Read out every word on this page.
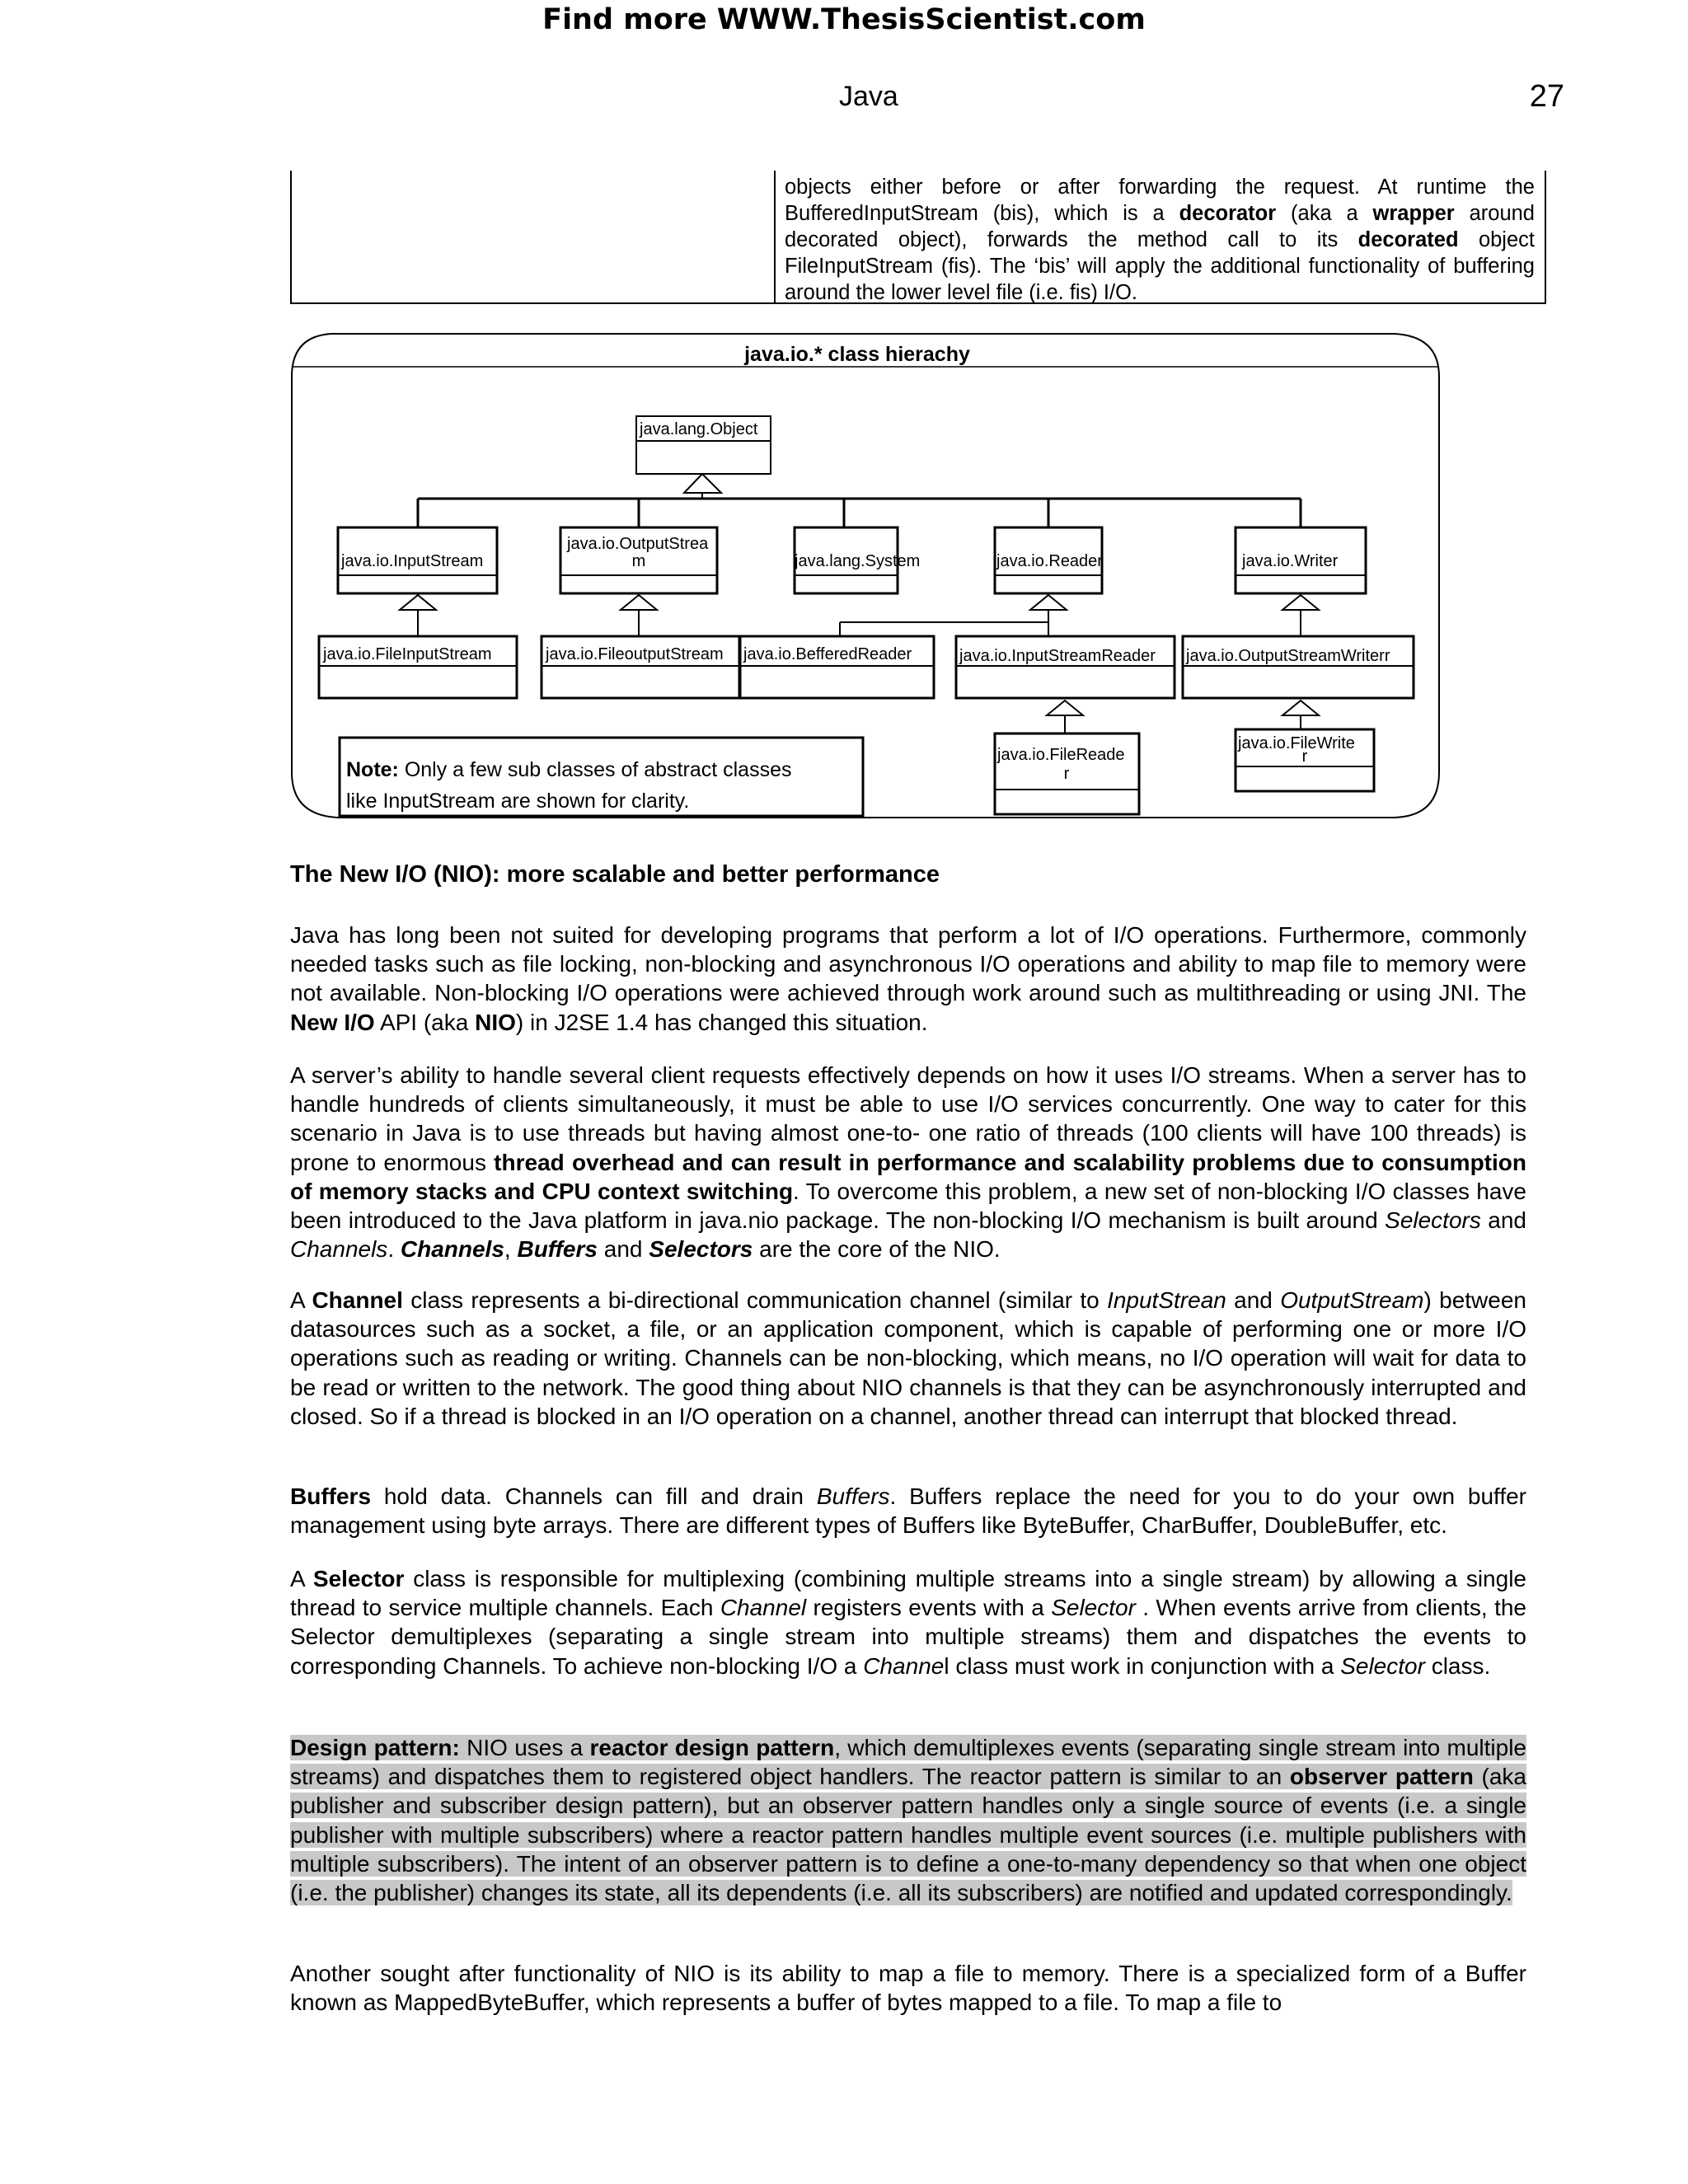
Find more WWW.ThesisScientist.com
Java	27
objects either before or after forwarding the request. At runtime the BufferedInputStream (bis), which is a decorator (aka a wrapper around decorated object), forwards the method call to its decorated object FileInputStream (fis). The ‘bis’ will apply the additional functionality of buffering around the lower level file (i.e. fis) I/O.
java.io.* class hierachy
java.lang.Object
java.io.InputStream
java.io.OutputStrea
m	java.lang.System	java.io.Reader	java.io.Writer
java.io.FileInputStream	java.io.FileoutputStream java.io.BefferedReader	java.io.InputStreamReader java.io.OutputStreamWriterr
java.io.FileReade
r
java.io.FileWrite
r
Note: Only a few sub classes of abstract classes
like InputStream are shown for clarity.
The New I/O (NIO): more scalable and better performance
Java has long been not suited for developing programs that perform a lot of I/O operations. Furthermore, commonly needed tasks such as file locking, non-blocking and asynchronous I/O operations and ability to map file to memory were not available. Non-blocking I/O operations were achieved through work around such as multithreading or using JNI. The New I/O API (aka NIO) in J2SE 1.4 has changed this situation.
A server’s ability to handle several client requests effectively depends on how it uses I/O streams. When a server has to handle hundreds of clients simultaneously, it must be able to use I/O services concurrently. One way to cater for this scenario in Java is to use threads but having almost one-to- one ratio of threads (100 clients will have 100 threads) is prone to enormous thread overhead and can result in performance and scalability problems due to consumption of memory stacks and CPU context switching. To overcome this problem, a new set of non-blocking I/O classes have been introduced to the Java platform in java.nio package. The non-blocking I/O mechanism is built around Selectors and Channels. Channels, Buffers and Selectors are the core of the NIO.
A Channel class represents a bi-directional communication channel (similar to InputStrean and OutputStream) between datasources such as a socket, a file, or an application component, which is capable of performing one or more I/O operations such as reading or writing. Channels can be non-blocking, which means, no I/O operation will wait for data to be read or written to the network. The good thing about NIO channels is that they can be asynchronously interrupted and closed. So if a thread is blocked in an I/O operation on a channel, another thread can interrupt that blocked thread.
Buffers hold data. Channels can fill and drain Buffers. Buffers replace the need for you to do your own buffer management using byte arrays. There are different types of Buffers like ByteBuffer, CharBuffer, DoubleBuffer, etc.
A Selector class is responsible for multiplexing (combining multiple streams into a single stream) by allowing a single thread to service multiple channels. Each Channel registers events with a Selector . When events arrive from clients, the Selector demultiplexes (separating a single stream into multiple streams) them and dispatches the events to corresponding Channels. To achieve non-blocking I/O a Channel class must work in conjunction with a Selector class.
Design pattern: NIO uses a reactor design pattern, which demultiplexes events (separating single stream into multiple streams) and dispatches them to registered object handlers. The reactor pattern is similar to an observer pattern (aka publisher and subscriber design pattern), but an observer pattern handles only a single source of events (i.e. a single publisher with multiple subscribers) where a reactor pattern handles multiple event sources (i.e. multiple publishers with multiple subscribers). The intent of an observer pattern is to define a one-to-many dependency so that when one object (i.e. the publisher) changes its state, all its dependents (i.e. all its subscribers) are notified and updated correspondingly.
Another sought after functionality of NIO is its ability to map a file to memory. There is a specialized form of a Buffer known as MappedByteBuffer, which represents a buffer of bytes mapped to a file. To map a file to
